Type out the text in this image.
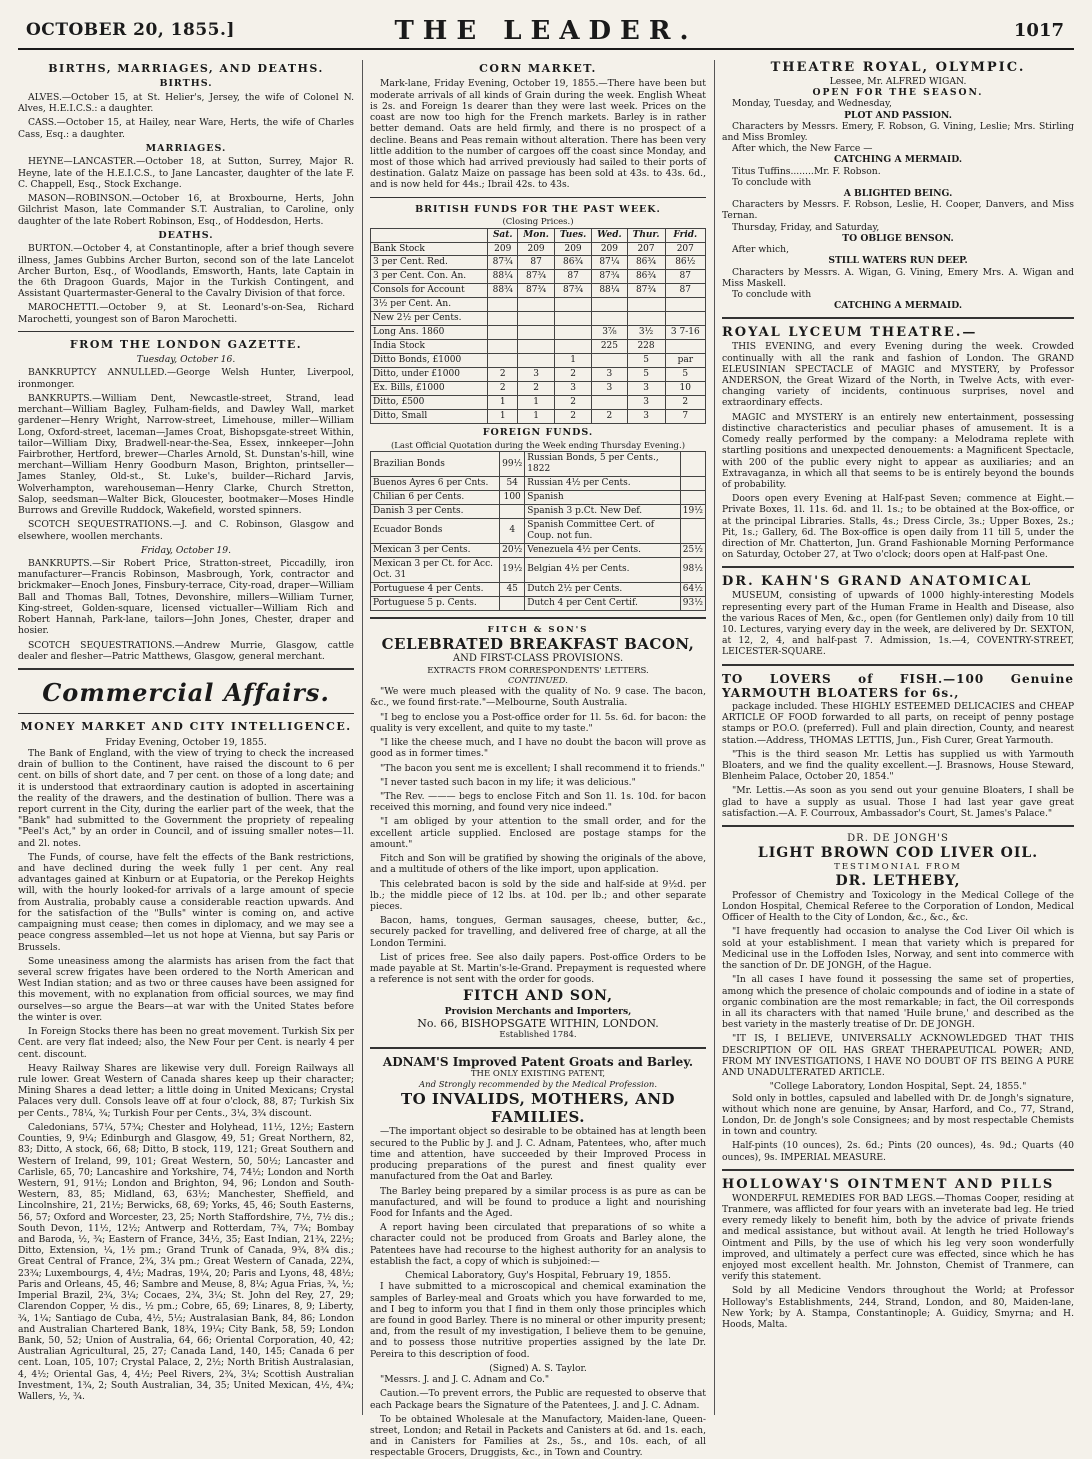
OCTOBER 20, 1855.]	THE LEADER.	1017
BIRTHS, MARRIAGES, AND DEATHS.
BIRTHS.

ALVES.—October 15, at St. Helier's, Jersey, the wife of Colonel N. Alves, H.E.I.C.S.: a daughter.

CASS.—October 15, at Hailey, near Ware, Herts, the wife of Charles Cass, Esq.: a daughter.

MARRIAGES.

HEYNE—LANCASTER.—October 18, at Sutton, Surrey, Major R. Heyne, late of the H.E.I.C.S., to Jane Lancaster, daughter of the late F. C. Chappell, Esq., Stock Exchange.

MASON—ROBINSON.—October 16, at Broxbourne, Herts, John Gilchrist Mason, late Commander S.T. Australian, to Caroline, only daughter of the late Robert Robinson, Esq., of Hoddesdon, Herts.

DEATHS.

BURTON.—October 4, at Constantinople, after a brief though severe illness, James Gubbins Archer Burton, second son of the late Lancelot Archer Burton, Esq., of Woodlands, Emsworth, Hants, late Captain in the 6th Dragoon Guards, Major in the Turkish Contingent, and Assistant Quartermaster-General to the Cavalry Division of that force.

MAROCHETTI.—October 9, at St. Leonard's-on-Sea, Richard Marochetti, youngest son of Baron Marochetti.

FROM THE LONDON GAZETTE.
Tuesday, October 16.

BANKRUPTCY ANNULLED.—George Welsh Hunter, Liverpool, ironmonger.

BANKRUPTS.—William Dent, Newcastle-street, Strand, lead merchant—William Bagley, Fulham-fields, and Dawley Wall, market gardener—Henry Wright, Narrow-street, Limehouse, miller—William Long, Oxford-street, laceman—James Croat, Bishopsgate-street Within, tailor—William Dixy, Bradwell-near-the-Sea, Essex, innkeeper—John Fairbrother, Hertford, brewer—Charles Arnold, St. Dunstan's-hill, wine merchant—William Henry Goodburn Mason, Brighton, printseller—James Stanley, Old-st., St. Luke's, builder—Richard Jarvis, Wolverhampton, warehouseman—Henry Clarke, Church Stretton, Salop, seedsman—Walter Bick, Gloucester, bootmaker—Moses Hindle Burrows and Greville Ruddock, Wakefield, worsted spinners.

SCOTCH SEQUESTRATIONS.—J. and C. Robinson, Glasgow and elsewhere, woollen merchants.

Friday, October 19.

BANKRUPTS.—Sir Robert Price, Stratton-street, Piccadilly, iron manufacturer—Francis Robinson, Masbrough, York, contractor and brickmaker—Enoch Jones, Finsbury-terrace, City-road, draper—William Ball and Thomas Ball, Totnes, Devonshire, millers—William Turner, King-street, Golden-square, licensed victualler—William Rich and Robert Hannah, Park-lane, tailors—John Jones, Chester, draper and hosier.

SCOTCH SEQUESTRATIONS.—Andrew Murrie, Glasgow, cattle dealer and flesher—Patric Matthews, Glasgow, general merchant.

Commercial Affairs.
MONEY MARKET AND CITY INTELLIGENCE.
Friday Evening, October 19, 1855.

The Bank of England, with the view of trying to check the increased drain of bullion to the Continent, have raised the discount to 6 per cent. on bills of short date, and 7 per cent. on those of a long date; and it is understood that extraordinary caution is adopted in ascertaining the reality of the drawers, and the destination of bullion. There was a report current in the City, during the earlier part of the week, that the "Bank" had submitted to the Government the propriety of repealing "Peel's Act," by an order in Council, and of issuing smaller notes—1l. and 2l. notes.

The Funds, of course, have felt the effects of the Bank restrictions, and have declined during the week fully 1 per cent. Any real advantages gained at Kinburn or at Eupatoria, or the Perekop Heights will, with the hourly looked-for arrivals of a large amount of specie from Australia, probably cause a considerable reaction upwards. And for the satisfaction of the "Bulls" winter is coming on, and active campaigning must cease; then comes in diplomacy, and we may see a peace congress assembled—let us not hope at Vienna, but say Paris or Brussels.

Some uneasiness among the alarmists has arisen from the fact that several screw frigates have been ordered to the North American and West Indian station; and as two or three causes have been assigned for this movement, with no explanation from official sources, we may find ourselves—so argue the Bears—at war with the United States before the winter is over.

In Foreign Stocks there has been no great movement. Turkish Six per Cent. are very flat indeed; also, the New Four per Cent. is nearly 4 per cent. discount.

Heavy Railway Shares are likewise very dull. Foreign Railways all rule lower. Great Western of Canada shares keep up their character; Mining Shares a dead letter; a little doing in United Mexicans; Crystal Palaces very dull. Consols leave off at four o'clock, 88, 87; Turkish Six per Cents., 78¼, ¾; Turkish Four per Cents., 3¼, 3¾ discount.

Caledonians, 57¼, 57¾; Chester and Holyhead, 11½, 12½; Eastern Counties, 9, 9¼; Edinburgh and Glasgow, 49, 51; Great Northern, 82, 83; Ditto, A stock, 66, 68; Ditto, B stock, 119, 121; Great Southern and Western of Ireland, 99, 101; Great Western, 50, 50½; Lancaster and Carlisle, 65, 70; Lancashire and Yorkshire, 74, 74½; London and North Western, 91, 91½; London and Brighton, 94, 96; London and South-Western, 83, 85; Midland, 63, 63½; Manchester, Sheffield, and Lincolnshire, 21, 21½; Berwicks, 68, 69; Yorks, 45, 46; South Easterns, 56, 57; Oxford and Worcester, 23, 25; North Staffordshire, 7½, 7½ dis.; South Devon, 11½, 12½; Antwerp and Rotterdam, 7¾, 7¾; Bombay and Baroda, ½, ¾; Eastern of France, 34½, 35; East Indian, 21¾, 22½; Ditto, Extension, ¼, 1½ pm.; Grand Trunk of Canada, 9¾, 8¾ dis.; Great Central of France, 2¾, 3¼ pm.; Great Western of Canada, 22¾, 23¾; Luxembourgs, 4, 4½; Madras, 19¼, 20; Paris and Lyons, 48, 48½; Paris and Orleans, 45, 46; Sambre and Meuse, 8, 8¼; Agua Frias, ¾, ½; Imperial Brazil, 2¾, 3¼; Cocaes, 2¾, 3¼; St. John del Rey, 27, 29; Clarendon Copper, ½ dis., ½ pm.; Cobre, 65, 69; Linares, 8, 9; Liberty, ¾, 1¼; Santiago de Cuba, 4½, 5½; Australasian Bank, 84, 86; London and Australian Chartered Bank, 18¾, 19¼; City Bank, 58, 59; London Bank, 50, 52; Union of Australia, 64, 66; Oriental Corporation, 40, 42; Australian Agricultural, 25, 27; Canada Land, 140, 145; Canada 6 per cent. Loan, 105, 107; Crystal Palace, 2, 2½; North British Australasian, 4, 4½; Oriental Gas, 4, 4½; Peel Rivers, 2¾, 3¼; Scottish Australian Investment, 1¾, 2; South Australian, 34, 35; United Mexican, 4½, 4¾; Wallers, ½, ¾.

CORN MARKET.

Mark-lane, Friday Evening, October 19, 1855.—There have been but moderate arrivals of all kinds of Grain during the week. English Wheat is 2s. and Foreign 1s dearer than they were last week. Prices on the coast are now too high for the French markets. Barley is in rather better demand. Oats are held firmly, and there is no prospect of a decline. Beans and Peas remain without alteration. There has been very little addition to the number of cargoes off the coast since Monday, and most of those which had arrived previously had sailed to their ports of destination. Galatz Maize on passage has been sold at 43s. to 43s. 6d., and is now held for 44s.; Ibrail 42s. to 43s.

BRITISH FUNDS FOR THE PAST WEEK.
(Closing Prices.)
	Sat.	Mon.	Tues.	Wed.	Thur.	Frid.
Bank Stock	209	209	209	209	207	207
3 per Cent. Red.	87¾	87	86¾	87¼	86¾	86½
3 per Cent. Con. An.	88¼	87¾	87	87¾	86¾	87
Consols for Account	88¾	87¾	87¾	88¼	87¾	87
3½ per Cent. An.						
New 2½ per Cents.						
Long Ans. 1860				3⅞	3½	3 7-16
India Stock				225	228	
Ditto Bonds, £1000			1		5	par
Ditto, under £1000	2	3	2	3	5	5
Ex. Bills, £1000	2	2	3	3	3	10
Ditto, £500	1	1	2		3	2
Ditto, Small	1	1	2	2	3	7
FOREIGN FUNDS.
(Last Official Quotation during the Week ending Thursday Evening.)
Brazilian Bonds	99½	Russian Bonds, 5 per Cents., 1822	
Buenos Ayres 6 per Cnts.	54	Russian 4½ per Cents.	
Chilian 6 per Cents.	100	Spanish	
Danish 3 per Cents.		Spanish 3 p.Ct. New Def.	19½
Ecuador Bonds	4	Spanish Committee Cert. of Coup. not fun.	
Mexican 3 per Cents.	20½	Venezuela 4½ per Cents.	25½
Mexican 3 per Ct. for Acc. Oct. 31	19½	Belgian 4½ per Cents.	98½
Portuguese 4 per Cents.	45	Dutch 2½ per Cents.	64½
Portuguese 5 p. Cents.		Dutch 4 per Cent Certif.	93½
FITCH & SON'S
CELEBRATED BREAKFAST BACON,
AND FIRST-CLASS PROVISIONS.
EXTRACTS FROM CORRESPONDENTS' LETTERS.
CONTINUED.

"We were much pleased with the quality of No. 9 case. The bacon, &c., we found first-rate."—Melbourne, South Australia.

"I beg to enclose you a Post-office order for 1l. 5s. 6d. for bacon: the quality is very excellent, and quite to my taste."

"I like the cheese much, and I have no doubt the bacon will prove as good as in former times."

"The bacon you sent me is excellent; I shall recommend it to friends."

"I never tasted such bacon in my life; it was delicious."

"The Rev. ——— begs to enclose Fitch and Son 1l. 1s. 10d. for bacon received this morning, and found very nice indeed."

"I am obliged by your attention to the small order, and for the excellent article supplied. Enclosed are postage stamps for the amount."

Fitch and Son will be gratified by showing the originals of the above, and a multitude of others of the like import, upon application.

This celebrated bacon is sold by the side and half-side at 9½d. per lb.; the middle piece of 12 lbs. at 10d. per lb.; and other separate pieces.

Bacon, hams, tongues, German sausages, cheese, butter, &c., securely packed for travelling, and delivered free of charge, at all the London Termini.

List of prices free. See also daily papers. Post-office Orders to be made payable at St. Martin's-le-Grand. Prepayment is requested where a reference is not sent with the order for goods.

FITCH AND SON,
Provision Merchants and Importers,
No. 66, BISHOPSGATE WITHIN, LONDON.
Established 1784.
ADNAM'S Improved Patent Groats and Barley.
THE ONLY EXISTING PATENT,
And Strongly recommended by the Medical Profession.
TO INVALIDS, MOTHERS, AND FAMILIES.

—The important object so desirable to be obtained has at length been secured to the Public by J. and J. C. Adnam, Patentees, who, after much time and attention, have succeeded by their Improved Process in producing preparations of the purest and finest quality ever manufactured from the Oat and Barley.

The Barley being prepared by a similar process is as pure as can be manufactured, and will be found to produce a light and nourishing Food for Infants and the Aged.

A report having been circulated that preparations of so white a character could not be produced from Groats and Barley alone, the Patentees have had recourse to the highest authority for an analysis to establish the fact, a copy of which is subjoined:—

Chemical Laboratory, Guy's Hospital, February 19, 1855.

I have submitted to a microscopical and chemical examination the samples of Barley-meal and Groats which you have forwarded to me, and I beg to inform you that I find in them only those principles which are found in good Barley. There is no mineral or other impurity present; and, from the result of my investigation, I believe them to be genuine, and to possess those nutritive properties assigned by the late Dr. Pereira to this description of food.

(Signed) A. S. Taylor.

"Messrs. J. and J. C. Adnam and Co."

Caution.—To prevent errors, the Public are requested to observe that each Package bears the Signature of the Patentees, J. and J. C. Adnam.

To be obtained Wholesale at the Manufactory, Maiden-lane, Queen-street, London; and Retail in Packets and Canisters at 6d. and 1s. each, and in Canisters for Families at 2s., 5s., and 10s. each, of all respectable Grocers, Druggists, &c., in Town and Country.

THEATRE ROYAL, OLYMPIC.
Lessee, Mr. ALFRED WIGAN.
OPEN FOR THE SEASON.
Monday, Tuesday, and Wednesday,
PLOT AND PASSION.
Characters by Messrs. Emery, F. Robson, G. Vining, Leslie; Mrs. Stirling and Miss Bromley.
After which, the New Farce —
CATCHING A MERMAID.
Titus Tuffins........Mr. F. Robson.
To conclude with
A BLIGHTED BEING.
Characters by Messrs. F. Robson, Leslie, H. Cooper, Danvers, and Miss Ternan.
Thursday, Friday, and Saturday,
TO OBLIGE BENSON.
After which,
STILL WATERS RUN DEEP.
Characters by Messrs. A. Wigan, G. Vining, Emery Mrs. A. Wigan and Miss Maskell.
To conclude with
CATCHING A MERMAID.
ROYAL LYCEUM THEATRE.—

THIS EVENING, and every Evening during the week. Crowded continually with all the rank and fashion of London. The GRAND ELEUSINIAN SPECTACLE of MAGIC and MYSTERY, by Professor ANDERSON, the Great Wizard of the North, in Twelve Acts, with ever-changing variety of incidents, continuous surprises, novel and extraordinary effects.

MAGIC and MYSTERY is an entirely new entertainment, possessing distinctive characteristics and peculiar phases of amusement. It is a Comedy really performed by the company: a Melodrama replete with startling positions and unexpected denouements: a Magnificent Spectacle, with 200 of the public every night to appear as auxiliaries; and an Extravaganza, in which all that seems to be is entirely beyond the bounds of probability.

Doors open every Evening at Half-past Seven; commence at Eight.—Private Boxes, 1l. 11s. 6d. and 1l. 1s.; to be obtained at the Box-office, or at the principal Libraries. Stalls, 4s.; Dress Circle, 3s.; Upper Boxes, 2s.; Pit, 1s.; Gallery, 6d. The Box-office is open daily from 11 till 5, under the direction of Mr. Chatterton, Jun. Grand Fashionable Morning Performance on Saturday, October 27, at Two o'clock; doors open at Half-past One.

DR. KAHN'S GRAND ANATOMICAL

MUSEUM, consisting of upwards of 1000 highly-interesting Models representing every part of the Human Frame in Health and Disease, also the various Races of Men, &c., open (for Gentlemen only) daily from 10 till 10. Lectures, varying every day in the week, are delivered by Dr. SEXTON, at 12, 2, 4, and half-past 7. Admission, 1s.—4, COVENTRY-STREET, LEICESTER-SQUARE.

TO LOVERS of FISH.—100 Genuine YARMOUTH BLOATERS for 6s.,

package included. These HIGHLY ESTEEMED DELICACIES and CHEAP ARTICLE OF FOOD forwarded to all parts, on receipt of penny postage stamps or P.O.O. (preferred). Full and plain direction, County, and nearest station.—Address, THOMAS LETTIS, Jun., Fish Curer, Great Yarmouth.

"This is the third season Mr. Lettis has supplied us with Yarmouth Bloaters, and we find the quality excellent.—J. Brasnows, House Steward, Blenheim Palace, October 20, 1854."

"Mr. Lettis.—As soon as you send out your genuine Bloaters, I shall be glad to have a supply as usual. Those I had last year gave great satisfaction.—A. F. Courroux, Ambassador's Court, St. James's Palace."

DR. DE JONGH'S
LIGHT BROWN COD LIVER OIL.
TESTIMONIAL FROM
DR. LETHEBY,

Professor of Chemistry and Toxicology in the Medical College of the London Hospital, Chemical Referee to the Corporation of London, Medical Officer of Health to the City of London, &c., &c., &c.

"I have frequently had occasion to analyse the Cod Liver Oil which is sold at your establishment. I mean that variety which is prepared for Medicinal use in the Loffoden Isles, Norway, and sent into commerce with the sanction of Dr. DE JONGH, of the Hague.

"In all cases I have found it possessing the same set of properties, among which the presence of cholaic compounds and of iodine in a state of organic combination are the most remarkable; in fact, the Oil corresponds in all its characters with that named 'Huile brune,' and described as the best variety in the masterly treatise of Dr. DE JONGH.

"IT IS, I BELIEVE, UNIVERSALLY ACKNOWLEDGED THAT THIS DESCRIPTION OF OIL HAS GREAT THERAPEUTICAL POWER; AND, FROM MY INVESTIGATIONS, I HAVE NO DOUBT OF ITS BEING A PURE AND UNADULTERATED ARTICLE.

"College Laboratory, London Hospital, Sept. 24, 1855."

Sold only in bottles, capsuled and labelled with Dr. de Jongh's signature, without which none are genuine, by Ansar, Harford, and Co., 77, Strand, London, Dr. de Jongh's sole Consignees; and by most respectable Chemists in town and country.

Half-pints (10 ounces), 2s. 6d.; Pints (20 ounces), 4s. 9d.; Quarts (40 ounces), 9s. IMPERIAL MEASURE.

HOLLOWAY'S OINTMENT AND PILLS

WONDERFUL REMEDIES FOR BAD LEGS.—Thomas Cooper, residing at Tranmere, was afflicted for four years with an inveterate bad leg. He tried every remedy likely to benefit him, both by the advice of private friends and medical assistance, but without avail. At length he tried Holloway's Ointment and Pills, by the use of which his leg very soon wonderfully improved, and ultimately a perfect cure was effected, since which he has enjoyed most excellent health. Mr. Johnston, Chemist of Tranmere, can verify this statement.

Sold by all Medicine Vendors throughout the World; at Professor Holloway's Establishments, 244, Strand, London, and 80, Maiden-lane, New York; by A. Stampa, Constantinople; A. Guidicy, Smyrna; and H. Hoods, Malta.
